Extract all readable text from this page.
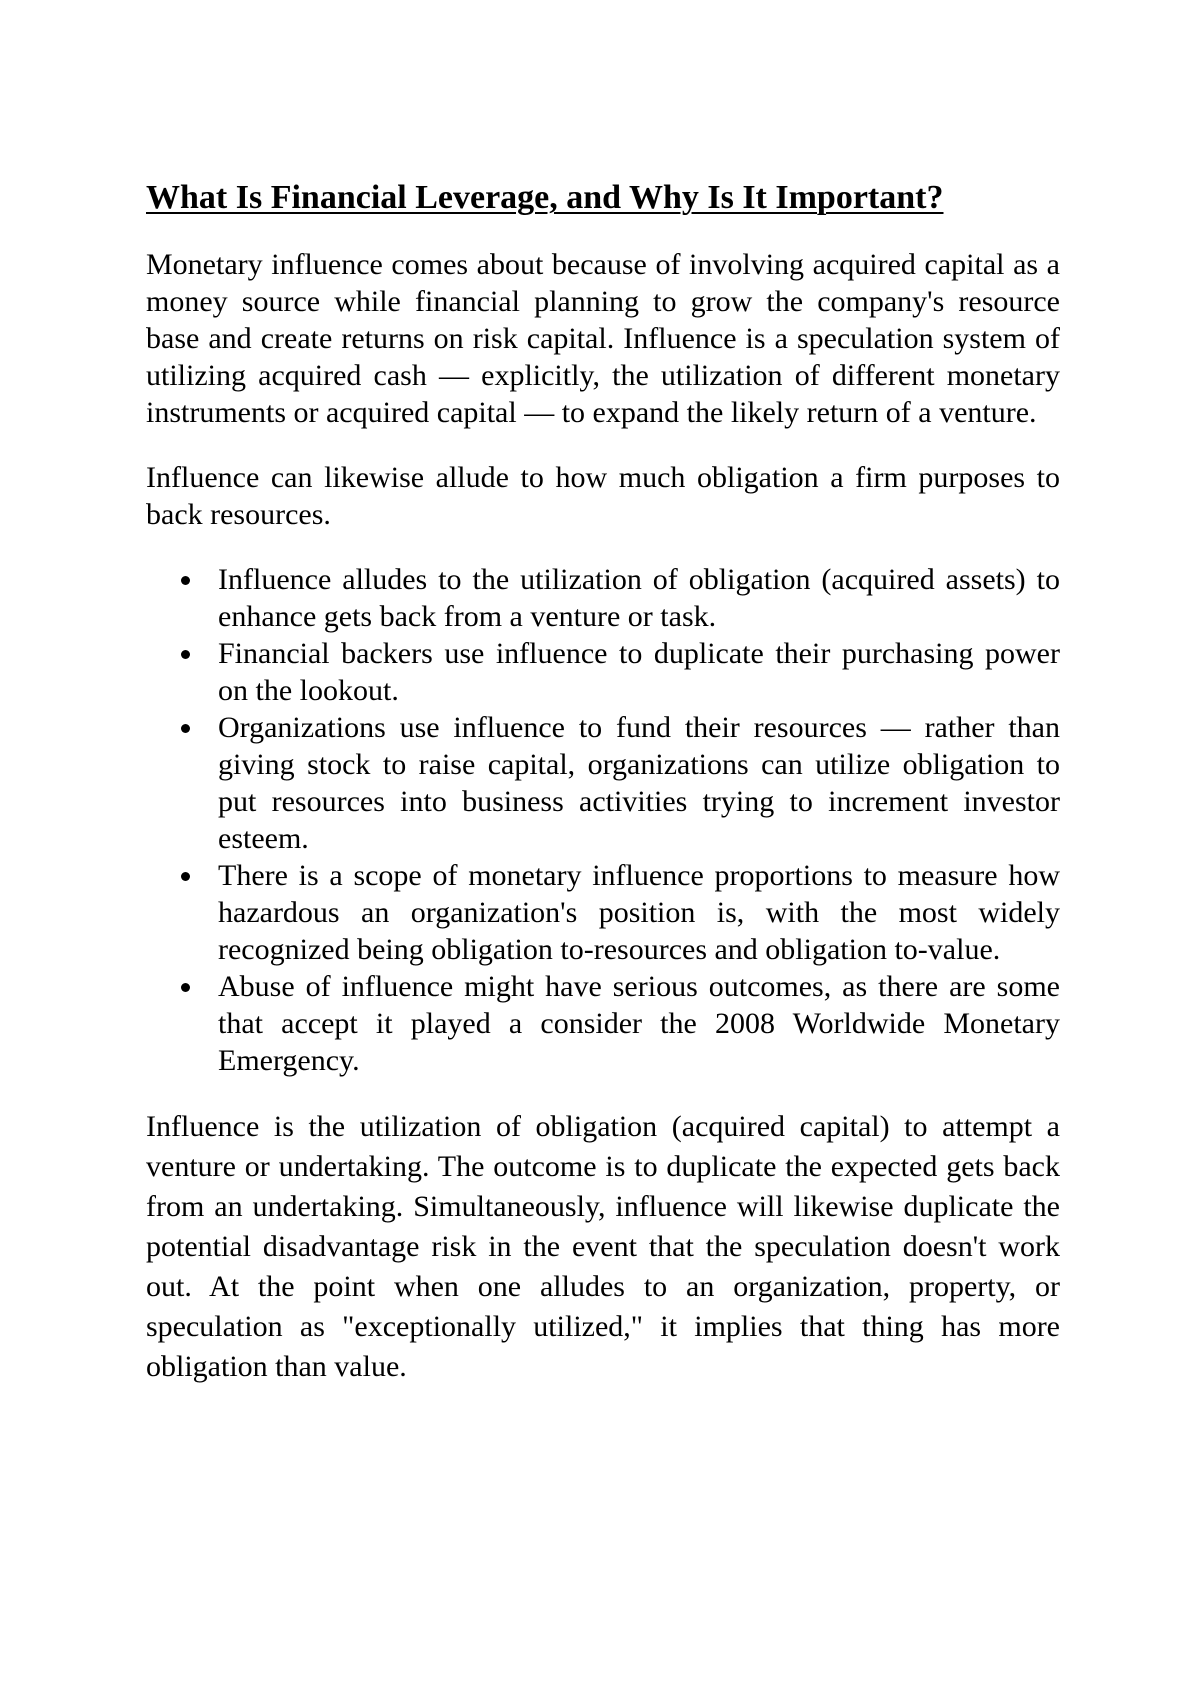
What Is Financial Leverage, and Why Is It Important?

Monetary influence comes about because of involving acquired capital as a money source while financial planning to grow the company's resource base and create returns on risk capital. Influence is a speculation system of utilizing acquired cash — explicitly, the utilization of different monetary instruments or acquired capital — to expand the likely return of a venture.

Influence can likewise allude to how much obligation a firm purposes to back resources.

Influence alludes to the utilization of obligation (acquired assets) to enhance gets back from a venture or task.
Financial backers use influence to duplicate their purchasing power on the lookout.
Organizations use influence to fund their resources — rather than giving stock to raise capital, organizations can utilize obligation to put resources into business activities trying to increment investor esteem.
There is a scope of monetary influence proportions to measure how hazardous an organization's position is, with the most widely recognized being obligation to-resources and obligation to-value.
Abuse of influence might have serious outcomes, as there are some that accept it played a consider the 2008 Worldwide Monetary Emergency.

Influence is the utilization of obligation (acquired capital) to attempt a venture or undertaking. The outcome is to duplicate the expected gets back from an undertaking. Simultaneously, influence will likewise duplicate the potential disadvantage risk in the event that the speculation doesn't work out. At the point when one alludes to an organization, property, or speculation as "exceptionally utilized," it implies that thing has more obligation than value.
